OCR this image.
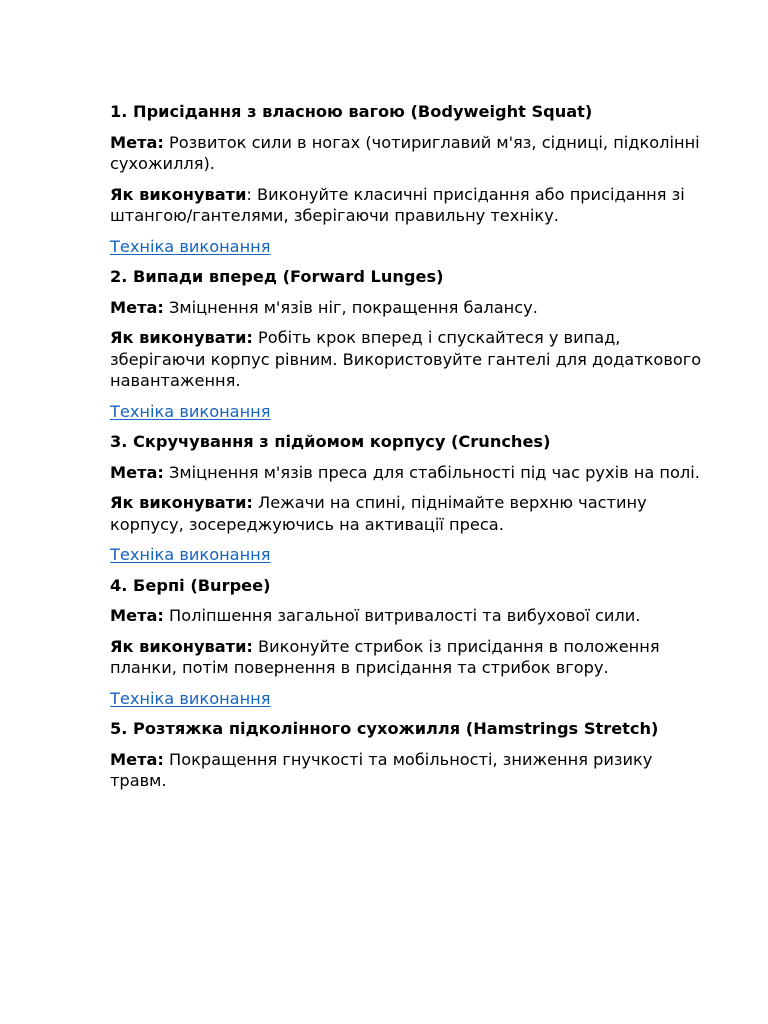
1. Присідання з власною вагою (Bodyweight Squat)
Мета: Розвиток сили в ногах (чотириглавий м'яз, сідниці, підколінні сухожилля).
Як виконувати: Виконуйте класичні присідання або присідання зі штангою/гантелями, зберігаючи правильну техніку.
Техніка виконання
2. Випади вперед (Forward Lunges)
Мета: Зміцнення м'язів ніг, покращення балансу.
Як виконувати: Робіть крок вперед і спускайтеся у випад, зберігаючи корпус рівним. Використовуйте гантелі для додаткового навантаження.
Техніка виконання
3. Скручування з підйомом корпусу (Crunches)
Мета: Зміцнення м'язів преса для стабільності під час рухів на полі.
Як виконувати: Лежачи на спині, піднімайте верхню частину корпусу, зосереджуючись на активації преса.
Техніка виконання
4. Берпі (Burpee)
Мета: Поліпшення загальної витривалості та вибухової сили.
Як виконувати: Виконуйте стрибок із присідання в положення планки, потім повернення в присідання та стрибок вгору.
Техніка виконання
5. Розтяжка підколінного сухожилля (Hamstrings Stretch)
Мета: Покращення гнучкості та мобільності, зниження ризику травм.
